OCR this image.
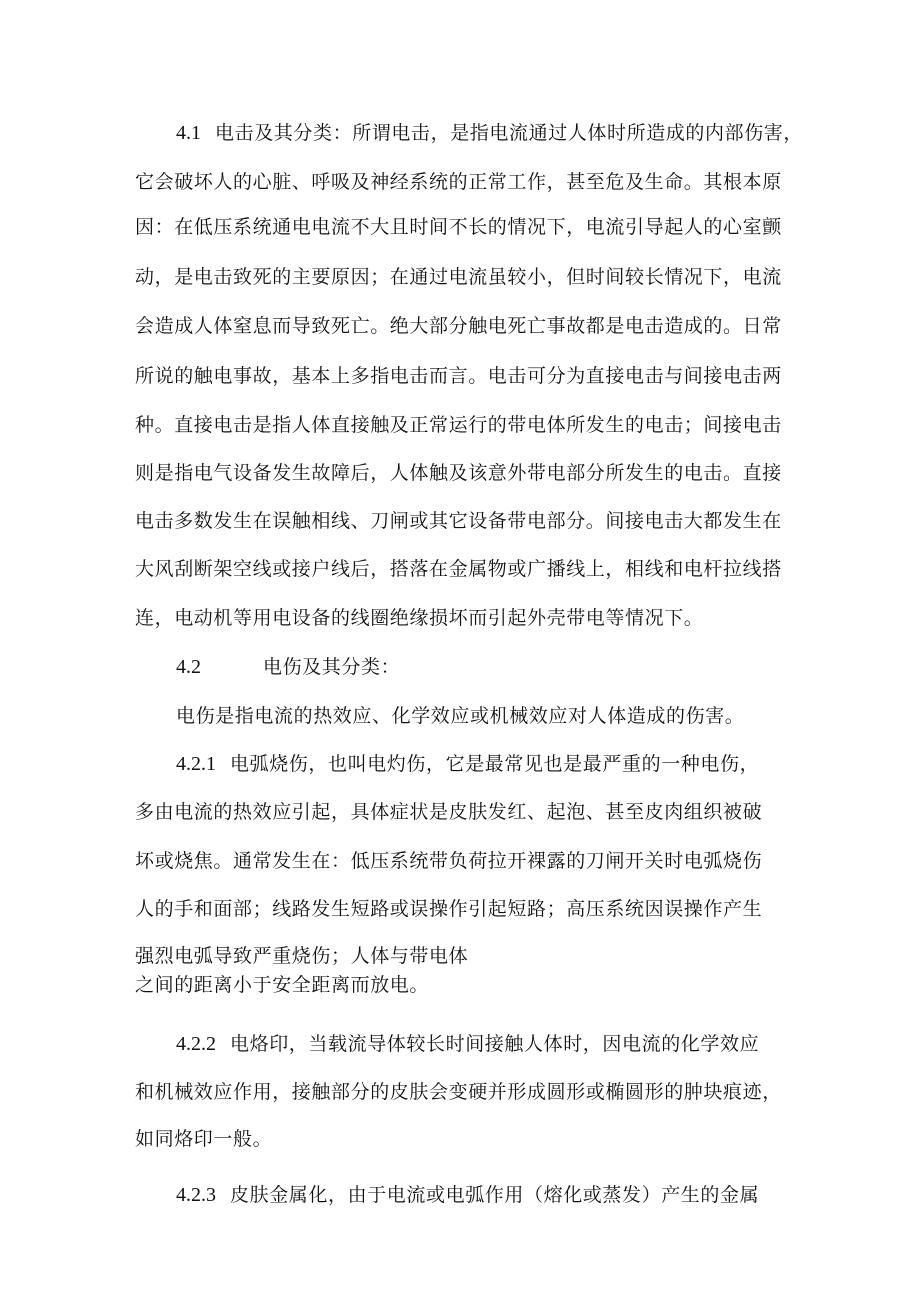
4.1 电击及其分类：所谓电击，是指电流通过人体时所造成的内部伤害，
它会破坏人的心脏、呼吸及神经系统的正常工作，甚至危及生命。其根本原
因：在低压系统通电电流不大且时间不长的情况下，电流引导起人的心室颤
动，是电击致死的主要原因；在通过电流虽较小，但时间较长情况下，电流
会造成人体窒息而导致死亡。绝大部分触电死亡事故都是电击造成的。日常
所说的触电事故，基本上多指电击而言。电击可分为直接电击与间接电击两
种。直接电击是指人体直接触及正常运行的带电体所发生的电击；间接电击
则是指电气设备发生故障后，人体触及该意外带电部分所发生的电击。直接
电击多数发生在误触相线、刀闸或其它设备带电部分。间接电击大都发生在
大风刮断架空线或接户线后，搭落在金属物或广播线上，相线和电杆拉线搭
连，电动机等用电设备的线圈绝缘损坏而引起外壳带电等情况下。
4.2	电伤及其分类：
电伤是指电流的热效应、化学效应或机械效应对人体造成的伤害。
4.2.1 电弧烧伤，也叫电灼伤，它是最常见也是最严重的一种电伤，
多由电流的热效应引起，具体症状是皮肤发红、起泡、甚至皮肉组织被破
坏或烧焦。通常发生在：低压系统带负荷拉开裸露的刀闸开关时电弧烧伤
人的手和面部；线路发生短路或误操作引起短路；高压系统因误操作产生
强烈电弧导致严重烧伤；人体与带电体
之间的距离小于安全距离而放电。
4.2.2 电烙印，当载流导体较长时间接触人体时，因电流的化学效应
和机械效应作用，接触部分的皮肤会变硬并形成圆形或椭圆形的肿块痕迹，
如同烙印一般。
4.2.3 皮肤金属化，由于电流或电弧作用（熔化或蒸发）产生的金属
